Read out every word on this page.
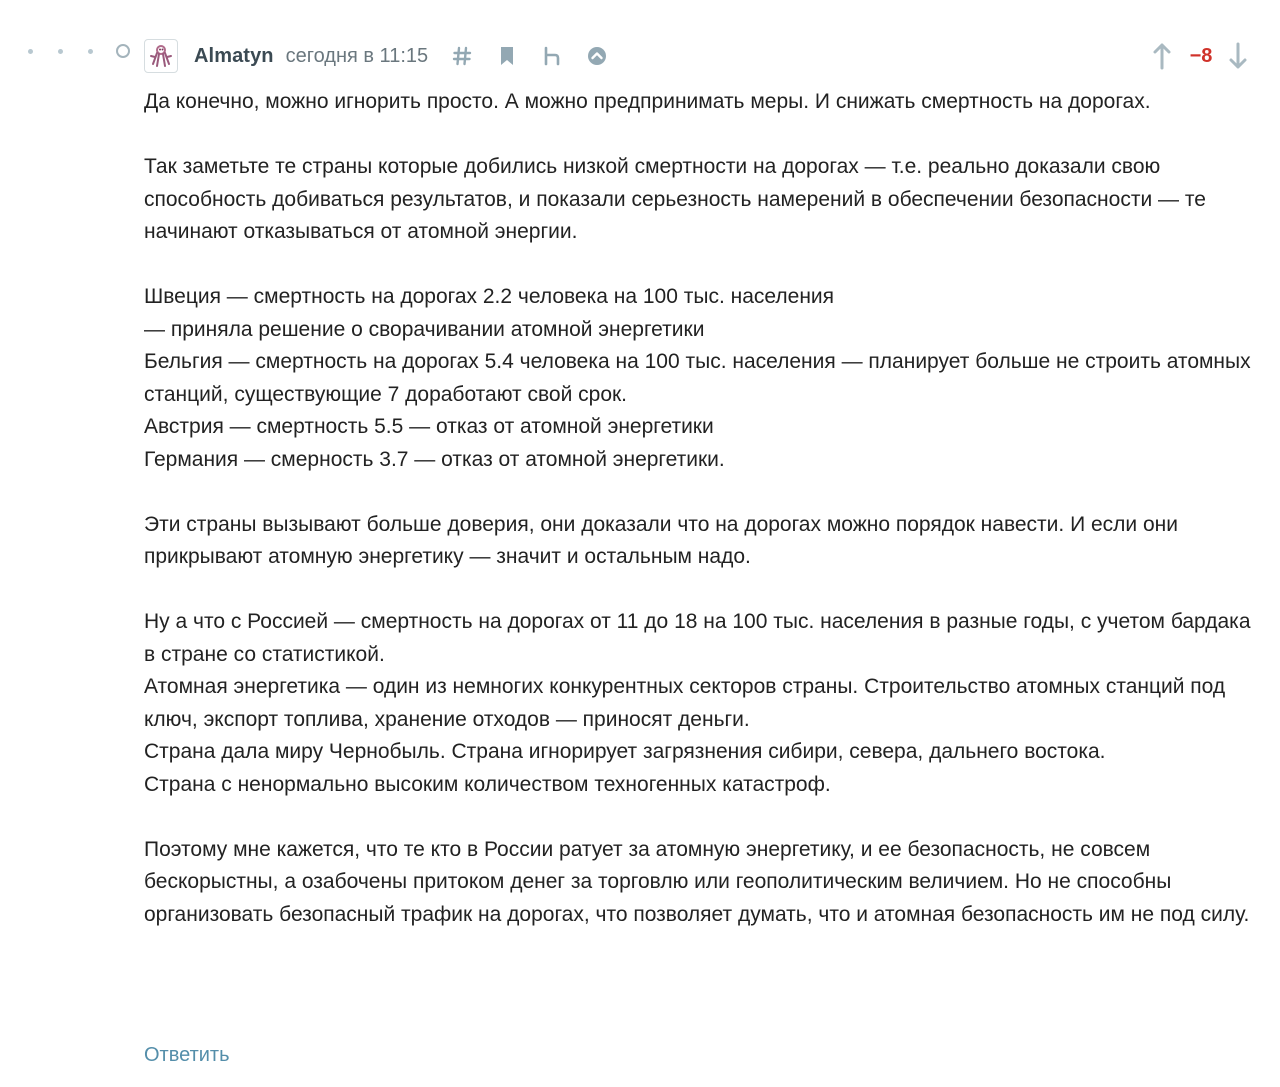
Almatyn сегодня в 11:15	−8

Да конечно, можно игнорить просто. А можно предпринимать меры. И снижать смертность на дорогах.

Так заметьте те страны которые добились низкой смертности на дорогах — т.е. реально доказали свою способность добиваться результатов, и показали серьезность намерений в обеспечении безопасности — те начинают отказываться от атомной энергии.

Швеция — смертность на дорогах 2.2 человека на 100 тыс. населения
— приняла решение о сворачивании атомной энергетики
Бельгия — смертность на дорогах 5.4 человека на 100 тыс. населения — планирует больше не строить атомных станций, существующие 7 доработают свой срок.
Австрия — смертность 5.5 — отказ от атомной энергетики
Германия — смерность 3.7 — отказ от атомной энергетики.

Эти страны вызывают больше доверия, они доказали что на дорогах можно порядок навести. И если они прикрывают атомную энергетику — значит и остальным надо.

Ну а что с Россией — смертность на дорогах от 11 до 18 на 100 тыс. населения в разные годы, с учетом бардака в стране со статистикой.
Атомная энергетика — один из немногих конкурентных секторов страны. Строительство атомных станций под ключ, экспорт топлива, хранение отходов — приносят деньги.
Страна дала миру Чернобыль. Страна игнорирует загрязнения сибири, севера, дальнего востока.
Страна с ненормально высоким количеством техногенных катастроф.

Поэтому мне кажется, что те кто в России ратует за атомную энергетику, и ее безопасность, не совсем бескорыстны, а озабочены притоком денег за торговлю или геополитическим величием. Но не способны организовать безопасный трафик на дорогах, что позволяет думать, что и атомная безопасность им не под силу.

Ответить
